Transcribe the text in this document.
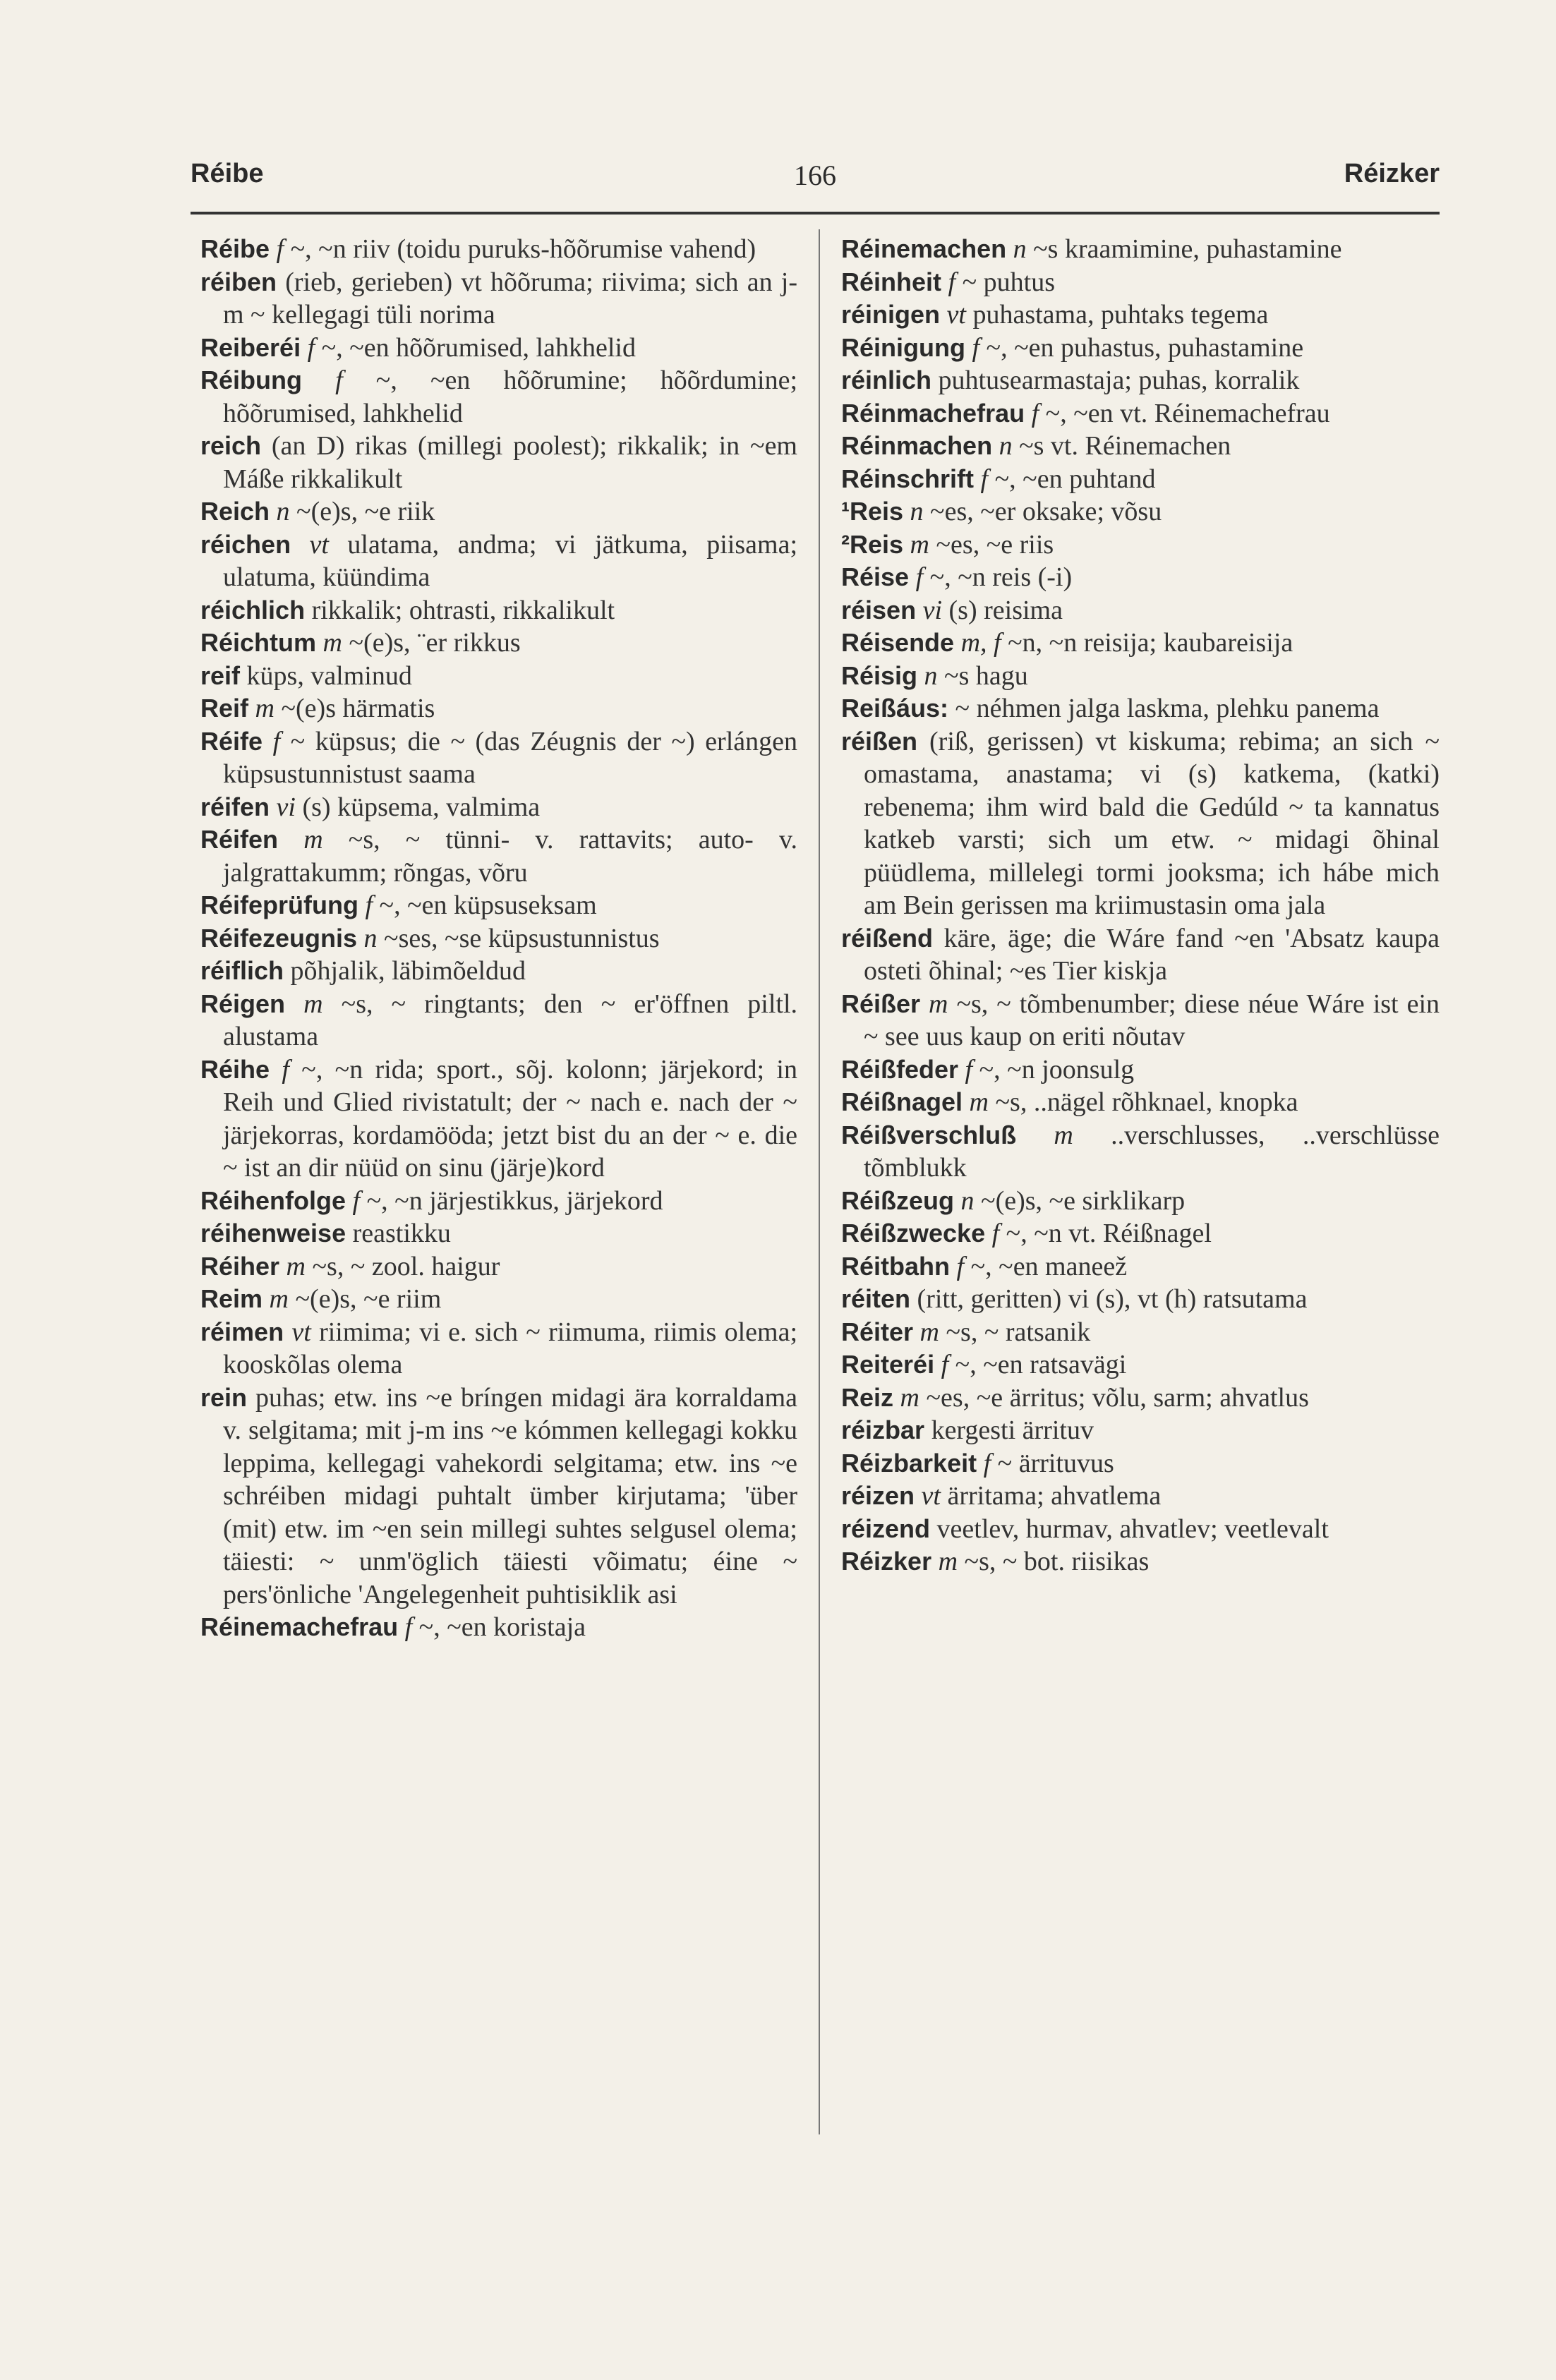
Réibe	166	Réizker

Réibe f ~, ~n riiv (toidu puruks-hõõrumise vahend)

réiben (rieb, gerieben) vt hõõruma; riivima; sich an j-m ~ kellegagi tüli norima

Reiberéi f ~, ~en hõõrumised, lahkhelid

Réibung f ~, ~en hõõrumine; hõõrdumine; hõõrumised, lahkhelid

reich (an D) rikas (millegi poolest); rikkalik; in ~em Máße rikkalikult

Reich n ~(e)s, ~e riik

réichen vt ulatama, andma; vi jätkuma, piisama; ulatuma, küündima

réichlich rikkalik; ohtrasti, rikkalikult

Réichtum m ~(e)s, ¨er rikkus

reif küps, valminud

Reif m ~(e)s härmatis

Réife f ~ küpsus; die ~ (das Zéugnis der ~) erlángen küpsustunnistust saama

réifen vi (s) küpsema, valmima

Réifen m ~s, ~ tünni- v. rattavits; auto- v. jalgrattakumm; rõngas, võru

Réifeprüfung f ~, ~en küpsuseksam

Réifezeugnis n ~ses, ~se küpsustunnistus

réiflich põhjalik, läbimõeldud

Réigen m ~s, ~ ringtants; den ~ er'öffnen piltl. alustama

Réihe f ~, ~n rida; sport., sõj. kolonn; järjekord; in Reih und Glied rivistatult; der ~ nach e. nach der ~ järjekorras, kordamööda; jetzt bist du an der ~ e. die ~ ist an dir nüüd on sinu (järje)kord

Réihenfolge f ~, ~n järjestikkus, järjekord

réihenweise reastikku

Réiher m ~s, ~ zool. haigur

Reim m ~(e)s, ~e riim

réimen vt riimima; vi e. sich ~ riimuma, riimis olema; kooskõlas olema

rein puhas; etw. ins ~e bríngen midagi ära korraldama v. selgitama; mit j-m ins ~e kómmen kellegagi kokku leppima, kellegagi vahekordi selgitama; etw. ins ~e schréiben midagi puhtalt ümber kirjutama; 'über (mit) etw. im ~en sein millegi suhtes selgusel olema; täiesti: ~ unm'öglich täiesti võimatu; éine ~ pers'önliche 'Angelegenheit puhtisiklik asi

Réinemachefrau f ~, ~en koristaja

Réinemachen n ~s kraamimine, puhastamine

Réinheit f ~ puhtus

réinigen vt puhastama, puhtaks tegema

Réinigung f ~, ~en puhastus, puhastamine

réinlich puhtusearmastaja; puhas, korralik

Réinmachefrau f ~, ~en vt. Réinemachefrau

Réinmachen n ~s vt. Réinemachen

Réinschrift f ~, ~en puhtand

¹Reis n ~es, ~er oksake; võsu

²Reis m ~es, ~e riis

Réise f ~, ~n reis (-i)

réisen vi (s) reisima

Réisende m, f ~n, ~n reisija; kaubareisija

Réisig n ~s hagu

Reißáus: ~ néhmen jalga laskma, plehku panema

réißen (riß, gerissen) vt kiskuma; rebima; an sich ~ omastama, anastama; vi (s) katkema, (katki) rebenema; ihm wird bald die Gedúld ~ ta kannatus katkeb varsti; sich um etw. ~ midagi õhinal püüdlema, millelegi tormi jooksma; ich hábe mich am Bein gerissen ma kriimustasin oma jala

réißend käre, äge; die Wáre fand ~en 'Absatz kaupa osteti õhinal; ~es Tier kiskja

Réißer m ~s, ~ tõmbenumber; diese néue Wáre ist ein ~ see uus kaup on eriti nõutav

Réißfeder f ~, ~n joonsulg

Réißnagel m ~s, ..nägel rõhknael, knopka

Réißverschluß m ..verschlusses, ..verschlüsse tõmblukk

Réißzeug n ~(e)s, ~e sirklikarp

Réißzwecke f ~, ~n vt. Réißnagel

Réitbahn f ~, ~en maneež

réiten (ritt, geritten) vi (s), vt (h) ratsutama

Réiter m ~s, ~ ratsanik

Reiteréi f ~, ~en ratsavägi

Reiz m ~es, ~e ärritus; võlu, sarm; ahvatlus

réizbar kergesti ärrituv

Réizbarkeit f ~ ärrituvus

réizen vt ärritama; ahvatlema

réizend veetlev, hurmav, ahvatlev; veetlevalt

Réizker m ~s, ~ bot. riisikas
